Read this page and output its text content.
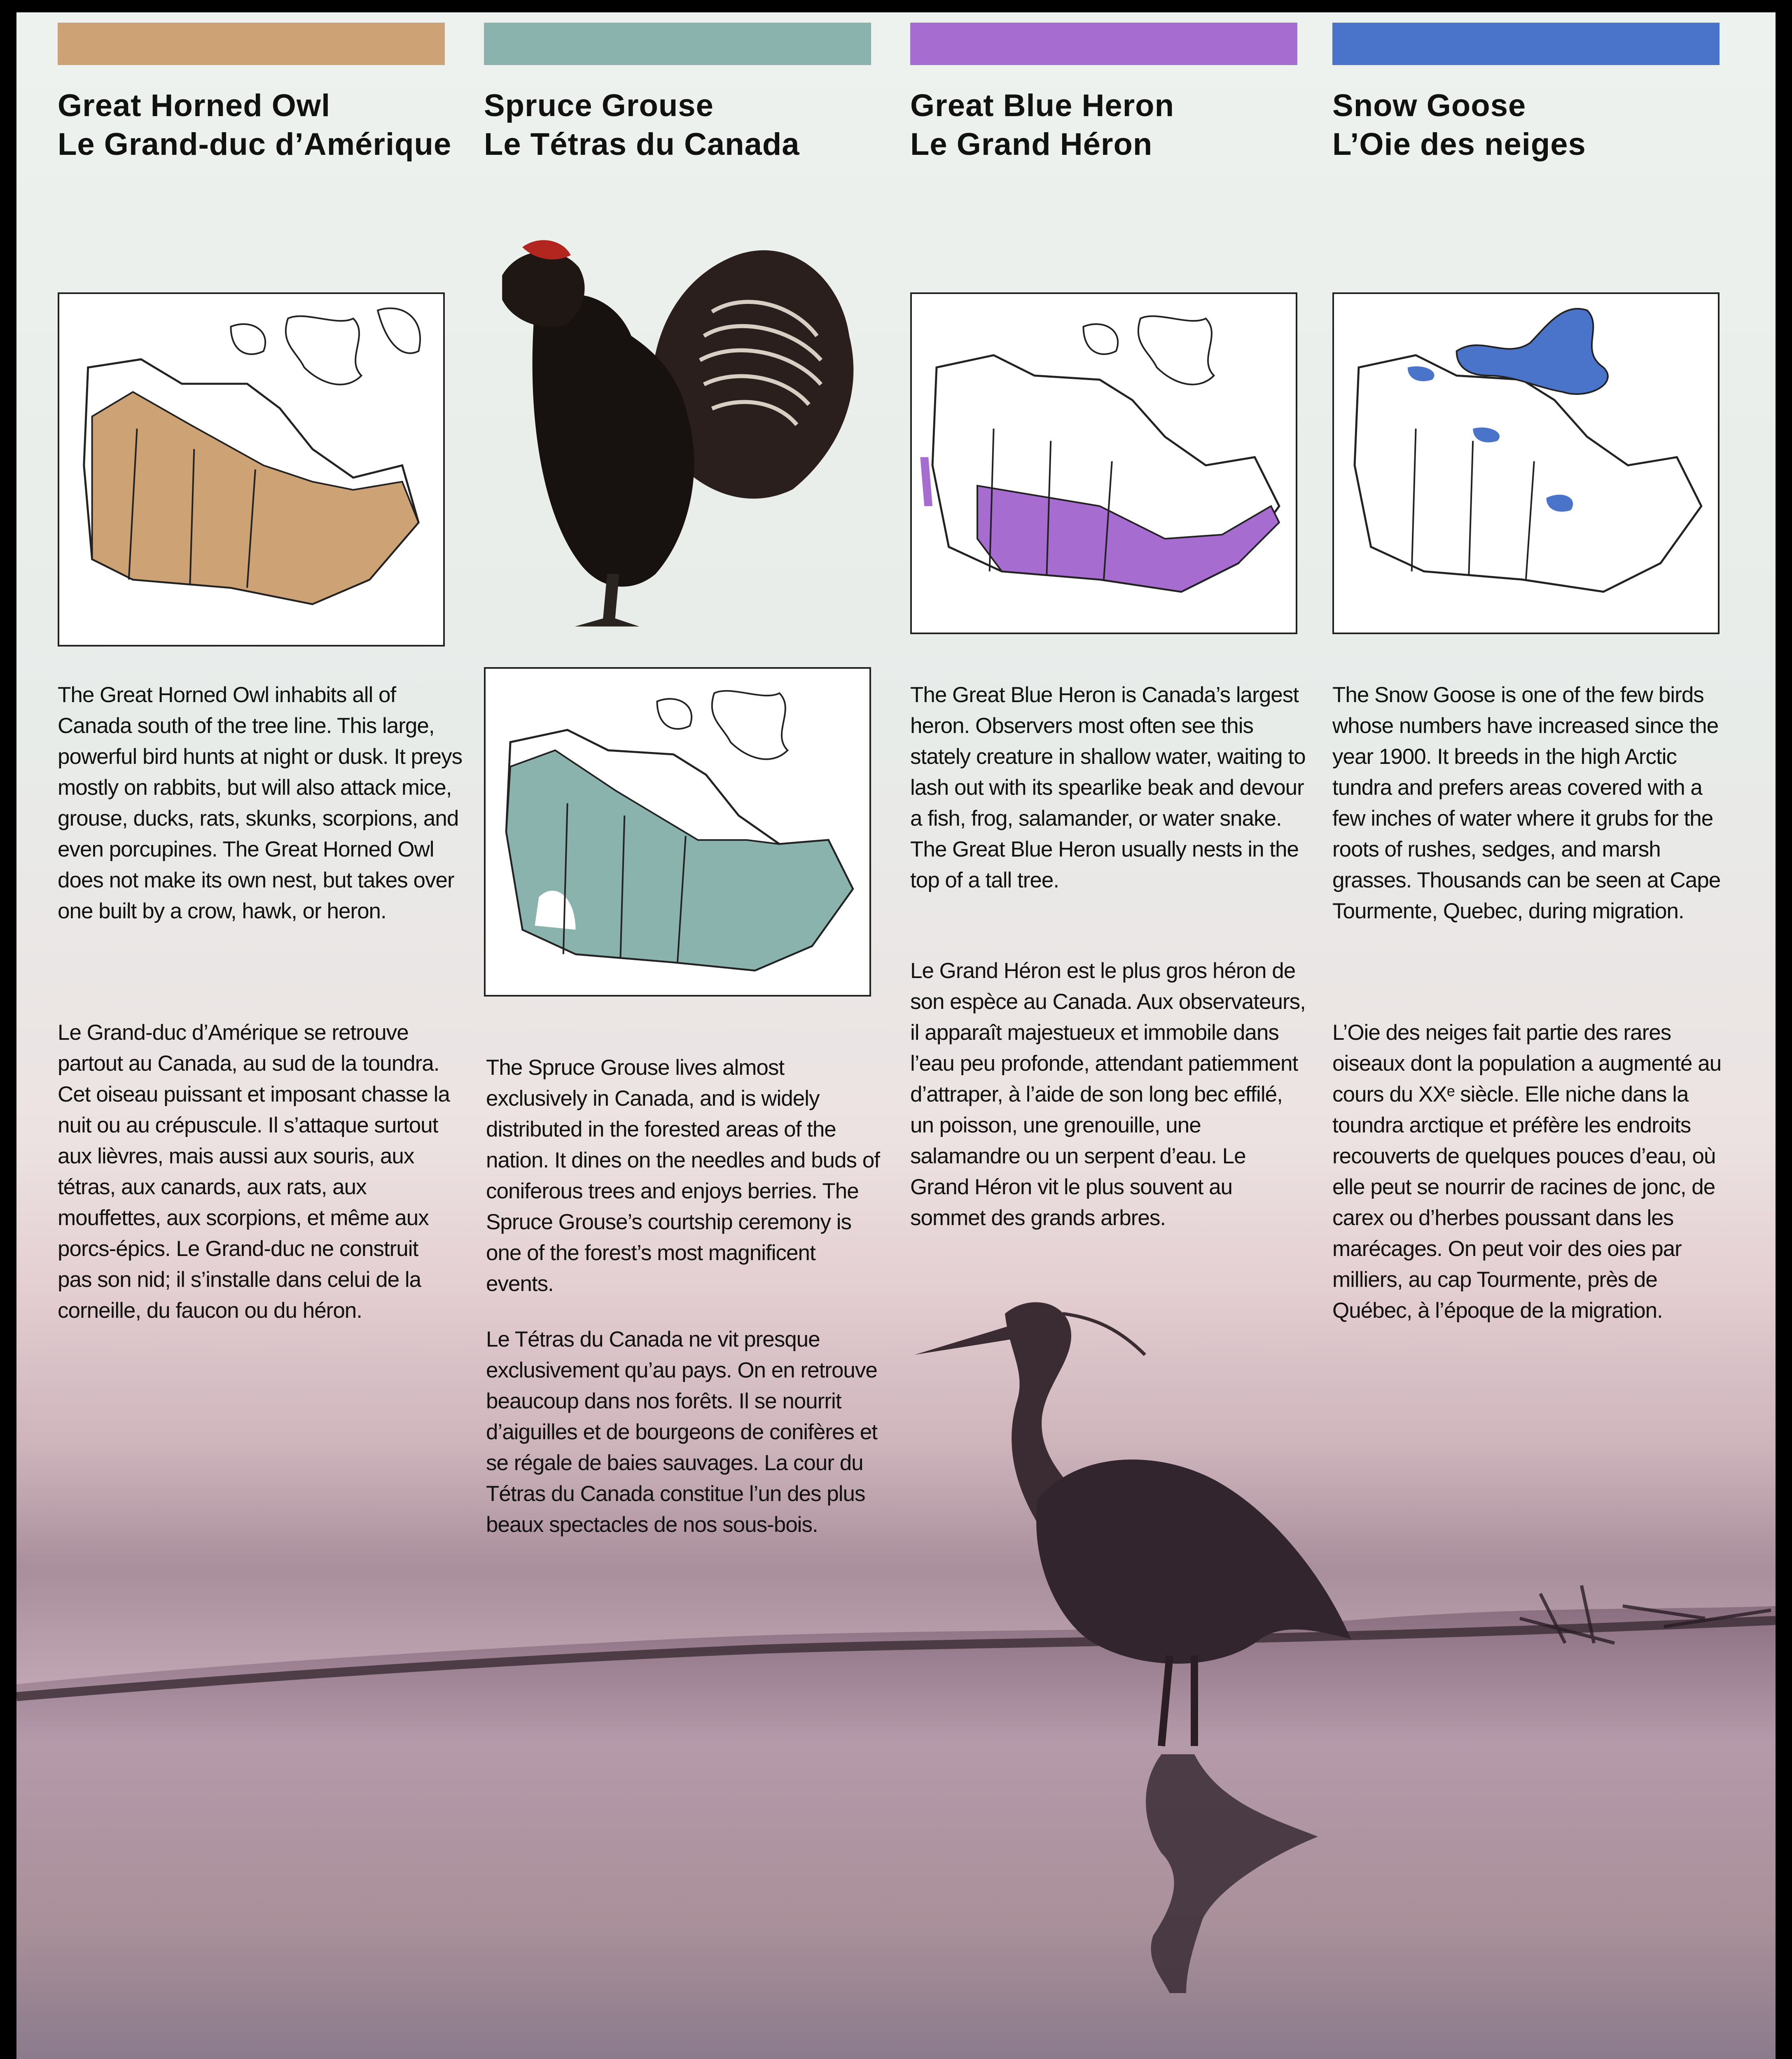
Great Horned Owl
Le Grand-duc d’Amérique
Spruce Grouse
Le Tétras du Canada
Great Blue Heron
Le Grand Héron
Snow Goose
L’Oie des neiges

The Great Horned Owl inhabits all of Canada south of the tree line. This large, powerful bird hunts at night or dusk. It preys mostly on rabbits, but will also attack mice, grouse, ducks, rats, skunks, scorpions, and even porcupines. The Great Horned Owl does not make its own nest, but takes over one built by a crow, hawk, or heron.

Le Grand-duc d’Amérique se retrouve partout au Canada, au sud de la toundra. Cet oiseau puissant et imposant chasse la nuit ou au crépuscule. Il s’attaque surtout aux lièvres, mais aussi aux souris, aux tétras, aux canards, aux rats, aux mouffettes, aux scorpions, et même aux porcs-épics. Le Grand-duc ne construit pas son nid; il s’installe dans celui de la corneille, du faucon ou du héron.

The Spruce Grouse lives almost exclusively in Canada, and is widely distributed in the forested areas of the nation. It dines on the needles and buds of coniferous trees and enjoys berries. The Spruce Grouse’s courtship ceremony is one of the forest’s most magnificent events.

Le Tétras du Canada ne vit presque exclusivement qu’au pays. On en retrouve beaucoup dans nos forêts. Il se nourrit d’aiguilles et de bourgeons de conifères et se régale de baies sauvages. La cour du Tétras du Canada constitue l’un des plus beaux spectacles de nos sous-bois.

The Great Blue Heron is Canada’s largest heron. Observers most often see this stately creature in shallow water, waiting to lash out with its spearlike beak and devour a fish, frog, salamander, or water snake. The Great Blue Heron usually nests in the top of a tall tree.

Le Grand Héron est le plus gros héron de son espèce au Canada. Aux observateurs, il apparaît majestueux et immobile dans l’eau peu profonde, attendant patiemment d’attraper, à l’aide de son long bec effilé, un poisson, une grenouille, une salamandre ou un serpent d’eau. Le Grand Héron vit le plus souvent au sommet des grands arbres.

The Snow Goose is one of the few birds whose numbers have increased since the year 1900. It breeds in the high Arctic tundra and prefers areas covered with a few inches of water where it grubs for the roots of rushes, sedges, and marsh grasses. Thousands can be seen at Cape Tourmente, Quebec, during migration.

L’Oie des neiges fait partie des rares oiseaux dont la population a augmenté au cours du XXᵉ siècle. Elle niche dans la toundra arctique et préfère les endroits recouverts de quelques pouces d’eau, où elle peut se nourrir de racines de jonc, de carex ou d’herbes poussant dans les marécages. On peut voir des oies par milliers, au cap Tourmente, près de Québec, à l’époque de la migration.
